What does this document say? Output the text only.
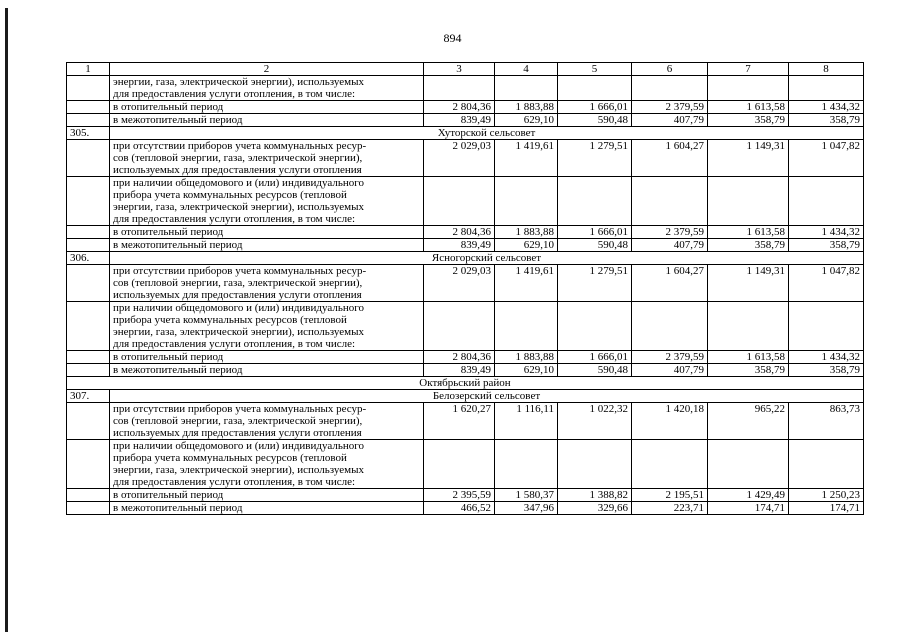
894
1	2	3	4	5	6	7	8

	энергии, газа, электрической энергии), используемых
для предоставления услуги отопления, в том числе:						

	в отопительный период	2 804,36	1 883,88	1 666,01	2 379,59	1 613,58	1 434,32
	в межотопительный период	839,49	629,10	590,48	407,79	358,79	358,79
305.	Хуторской сельсовет						

	при отсутствии приборов учета коммунальных ресур-
сов (тепловой энергии, газа, электрической энергии),
используемых для предоставления услуги отопления	2 029,03	1 419,61	1 279,51	1 604,27	1 149,31	1 047,82

	при наличии общедомового и (или) индивидуального
прибора учета коммунальных ресурсов (тепловой
энергии, газа, электрической энергии), используемых
для предоставления услуги отопления, в том числе:						

	в отопительный период	2 804,36	1 883,88	1 666,01	2 379,59	1 613,58	1 434,32
	в межотопительный период	839,49	629,10	590,48	407,79	358,79	358,79
306.	Ясногорский сельсовет						

	при отсутствии приборов учета коммунальных ресур-
сов (тепловой энергии, газа, электрической энергии),
используемых для предоставления услуги отопления	2 029,03	1 419,61	1 279,51	1 604,27	1 149,31	1 047,82

	при наличии общедомового и (или) индивидуального
прибора учета коммунальных ресурсов (тепловой
энергии, газа, электрической энергии), используемых
для предоставления услуги отопления, в том числе:						

	в отопительный период	2 804,36	1 883,88	1 666,01	2 379,59	1 613,58	1 434,32
	в межотопительный период	839,49	629,10	590,48	407,79	358,79	358,79
Октябрьский район							
307.	Белозерский сельсовет						

	при отсутствии приборов учета коммунальных ресур-
сов (тепловой энергии, газа, электрической энергии),
используемых для предоставления услуги отопления	1 620,27	1 116,11	1 022,32	1 420,18	965,22	863,73

	при наличии общедомового и (или) индивидуального
прибора учета коммунальных ресурсов (тепловой
энергии, газа, электрической энергии), используемых
для предоставления услуги отопления, в том числе:						

	в отопительный период	2 395,59	1 580,37	1 388,82	2 195,51	1 429,49	1 250,23
	в межотопительный период	466,52	347,96	329,66	223,71	174,71	174,71
